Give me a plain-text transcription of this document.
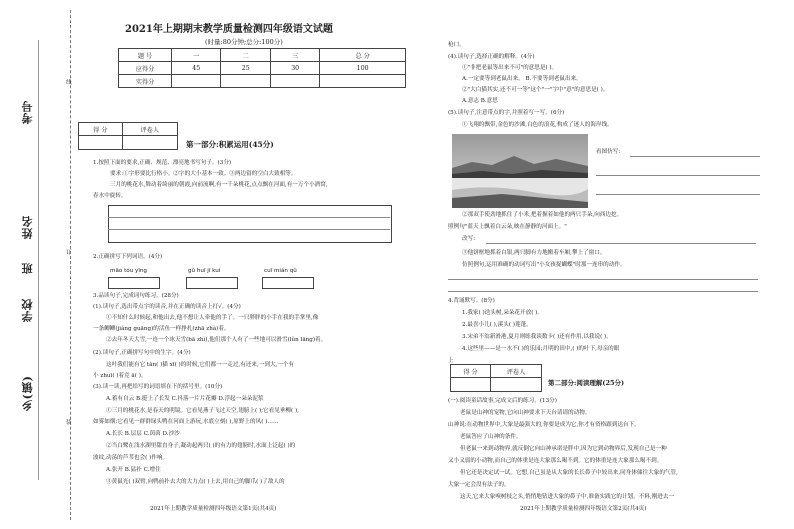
考号
姓名
班
学校
乡(镇)
线
订
装
2021年上期期末教学质量检测四年级语文试题
(时量:80分钟;总分:100分)
题 号	一	二	三	总 分
应得分	45	25	30	100
实得分				
得 分	评卷人

第一部分:积累运用(45分)
1.按照下面的要求,正确、规范、漂亮地书写句子。(3分)
要求:①字形要比行格小。②字的大小基本一致。③两边留的空白大致相等。
三月的桃花水,舞动着绮丽的朝霞,向前流啊,有一千朵桃花,点点飘在河面,有一万个小酒窝,
春水中旋转。
2.正确拼写下列词语。(4分)
māo tóu yīng	gǔ huī jī kuí	cuī mián qǔ
3.品读句子,完成词句练习。(28分)
(1).读句子,选出带点字的读音,并在正确的读音上打√。(4分)
①不知什么时候起,和他出去,他不想让人牵他的手了。一只胖胖的小手在我的手掌里,像
一条鲫鲫(jiǎng guāng)的活鱼一样挣扎(zhā zhà)着。
②去年冬天大雪,一连一个冰天雪(bā zhì),他们那个人有了一些地可以滑雪(lǔn lāng)着。
(2).读句子,正确拼写句中的生字。(4分)
这叶我们能有它 tān( )猫 xī( )的时候,它们都一一走过,有还来,一到大,一个有
小 zhuī( )着竞 ā( )。
(3).读一读,再把给写的词语填在下的括号里。(10分)
A.蓄有自云 B.挺上了长发 C.抖落一片片花瓣 D.浮起一朵朵泥浆
①三月的桃花水,是春天的明镜。它看见燕子飞过天空,翅膀上( );它看见垂柳( ),
如雾如烟;它看见一群群绿头鸭在河面上游玩,水底立刻( ),原野上的风( )……
A.长长 B.层层 C.茵茵 D.沙沙
②当白鹭在浅水湖里甜直身子,凝动起两只( )的有力的翅膀时,水面上泛起( )的
波纹,动荡的芦苇也会( )作响。
A.张开 B.猛扑 C.增住
③黄鼠光( )双臂,向鸭前扑去大的大力点( )上去,用自己的脚爪( )了敌人的
2021年上期教学质量检测四年级语文第1页(共4页)
枪口。
(4).读句子,选择正确的解释。(4分)
①"非把老鼠等出来不可"的意思是( )。
A.一定要等到老鼠出来。 B.不要等到老鼠出来。
②"大白猫其实,还不可一等"这个"一"字中"意"的意思是( )。
A.意志 B.意思
(5).读句子,注意带点的字,并照着写一写。(6分)
①飞翔的飘带,金色的沙滩,白色的浪花,构成了迷人的海岸线。
看图仿写:
②那双手使劲地抓住了小米,把着握着如他的两只手朵,向西边挖。
照例句"蓝天上飘着白云朵,映在静静的河面上。"
改写:
③他饼框地抓着白银,两只脚有力地搬着车厢,攀上了窗口。
仿照例句,运用准确的动词写出"小女孩捉蝴蝶"时那一连串的动作。
4.背诵默写。(8分)
1.我家( )迭头树,朵朵花开放( )。
2.最喜小儿( ),溪头( )莲蓬。
3.宋弟不翁新滑港,夏月则练我谈数卡( )还有作用,以我说( )。
4.这些里——是一水不( )的乐园;月明的田中,( )的叶下,母亲的眼
上
得 分	评卷人

第二部分:阅读理解(25分)
(一).阅读童话故事,完成文后的练习。(13分)
老鼠是山神的宠物,它向山神要求下天台请请的动物。
山神说:在动物世界中,大象是最强大的,你要是成为它,你才有资格跟到达台下。
老鼠答应了山神的条件。
但老鼠一来到动物界,就反倒它向山神承诺是胖中,因为它到动物界后,发现自己是一种
又小又弱的小动物,而自己的体重是连大象那么喝不到。它的体重是连大象那么喝不到。
但它还是决定试一试。它想,自己虽是从大象的长长鼻子中较出来,同身体储往大象的气管,
大象一定会没有法子的。
这天,它来大象嗅树枝之头,悄悄地钻进大象的鼻子中,准备实践它的计划。不料,刚进去一
2021年上期教学质量检测四年级语文第2页(共4页)
